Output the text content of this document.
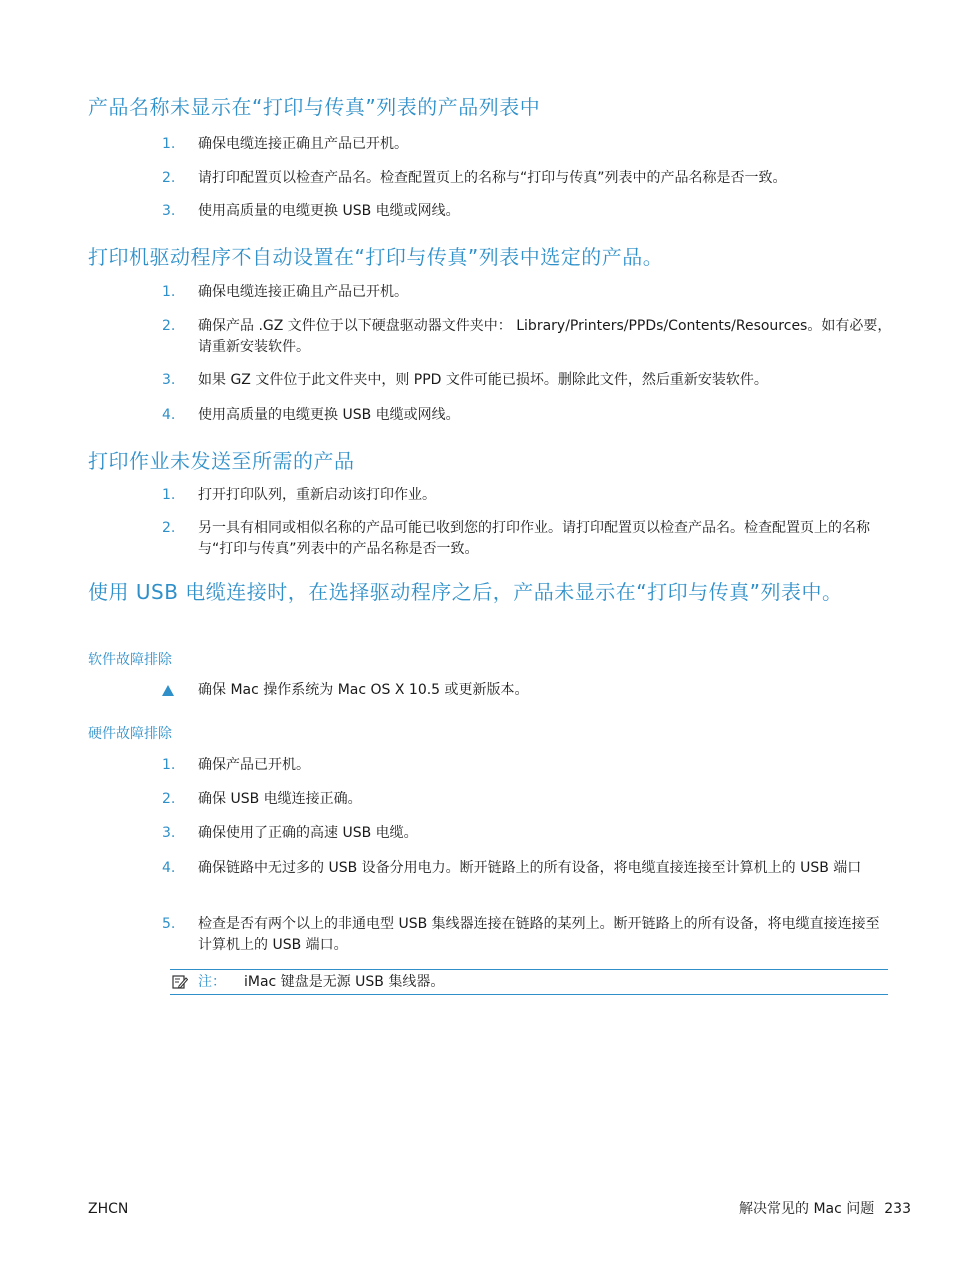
产品名称未显示在“打印与传真”列表的产品列表中
1.	确保电缆连接正确且产品已开机。
2.	请打印配置页以检查产品名。检查配置页上的名称与“打印与传真”列表中的产品名称是否一致。
3.	使用高质量的电缆更换 USB 电缆或网线。
打印机驱动程序不自动设置在“打印与传真”列表中选定的产品。
1.	确保电缆连接正确且产品已开机。
2.	确保产品 .GZ 文件位于以下硬盘驱动器文件夹中： Library/Printers/PPDs/Contents/Resources。如有必要，请重新安装软件。
3.	如果 GZ 文件位于此文件夹中，则 PPD 文件可能已损坏。删除此文件，然后重新安装软件。
4.	使用高质量的电缆更换 USB 电缆或网线。
打印作业未发送至所需的产品
1.	打开打印队列，重新启动该打印作业。
2.	另一具有相同或相似名称的产品可能已收到您的打印作业。请打印配置页以检查产品名。检查配置页上的名称与“打印与传真”列表中的产品名称是否一致。
使用 USB 电缆连接时，在选择驱动程序之后，产品未显示在“打印与传真”列表中。
软件故障排除
确保 Mac 操作系统为 Mac OS X 10.5 或更新版本。
硬件故障排除
1.	确保产品已开机。
2.	确保 USB 电缆连接正确。
3.	确保使用了正确的高速 USB 电缆。
4.	确保链路中无过多的 USB 设备分用电力。断开链路上的所有设备，将电缆直接连接至计算机上的 USB 端口
5.	检查是否有两个以上的非通电型 USB 集线器连接在链路的某列上。断开链路上的所有设备，将电缆直接连接至计算机上的 USB 端口。
注： iMac 键盘是无源 USB 集线器。
ZHCN	解决常见的 Mac 问题 233
